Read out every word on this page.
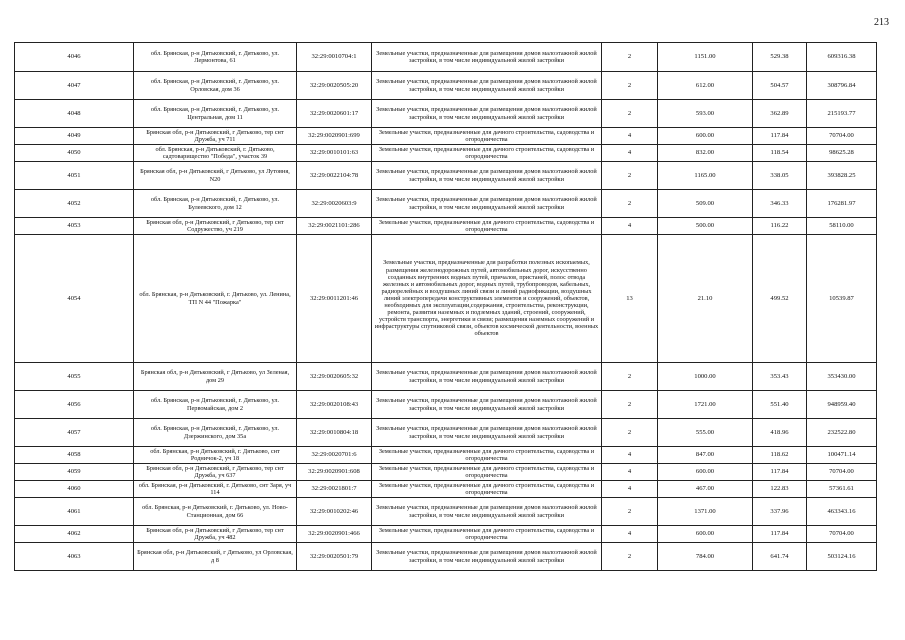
213
4046	обл. Брянская, р-н Дятьковский, г. Дятьково, ул. Лермонтова, 61	32:29:0010704:1	Земельные участки, предназначенные для размещения домов малоэтажной жилой застройки, в том числе индивидуальной жилой застройки	2	1151.00	529.38	609316.38
4047	обл. Брянская, р-н Дятьковский, г. Дятьково, ул. Орловская, дом 36	32:29:0020505:20	Земельные участки, предназначенные для размещения домов малоэтажной жилой застройки, в том числе индивидуальной жилой застройки	2	612.00	504.57	308796.84
4048	обл. Брянская, р-н Дятьковский, г. Дятьково, ул. Центральная, дом 11	32:29:0020601:17	Земельные участки, предназначенные для размещения домов малоэтажной жилой застройки, в том числе индивидуальной жилой застройки	2	593.00	362.89	215193.77
4049	Брянская обл, р-н Дятьковский, г Дятьково, тер снт Дружба, уч 711	32:29:0020901:699	Земельные участки, предназначенные для дачного строительства, садоводства и огородничества	4	600.00	117.84	70704.00
4050	обл. Брянская, р-н Дятьковский, г. Дятьково, садтоварищество "Победа", участок 39	32:29:0010101:63	Земельные участки, предназначенные для дачного строительства, садоводства и огородничества	4	832.00	118.54	98625.28
4051	Брянская обл, р-н Дятьковский, г Дятьково, ул Лутовня, N20	32:29:0022104:78	Земельные участки, предназначенные для размещения домов малоэтажной жилой застройки, в том числе индивидуальной жилой застройки	2	1165.00	338.05	393828.25
4052	обл. Брянская, р-н Дятьковский, г. Дятьково, ул. Булеевского, дом 12	32:29:0020603:9	Земельные участки, предназначенные для размещения домов малоэтажной жилой застройки, в том числе индивидуальной жилой застройки	2	509.00	346.33	176281.97
4053	Брянская обл, р-н Дятьковский, г Дятьково, тер снт Содружество, уч 219	32:29:0021101:286	Земельные участки, предназначенные для дачного строительства, садоводства и огородничества	4	500.00	116.22	58110.00
4054	обл. Брянская, р-н Дятьковский, г. Дятьково, ул. Ленина, ТП N 44 "Пожарка"	32:29:0011201:46	Земельные участки, предназначенные для разработки полезных ископаемых, размещения железнодорожных путей, автомобильных дорог, искусственно созданных внутренних водных путей, причалов, пристаней, полос отвода железных и автомобильных дорог, водных путей, трубопроводов, кабельных, радиорелейных и воздушных линий связи и линий радиофикации, воздушных линий электропередачи конструктивных элементов и сооружений, объектов, необходимых для эксплуатации,содержания, строительства, реконструкции, ремонта, развития наземных и подземных зданий, строений, сооружений, устройств транспорта, энергетики и связи; размещения наземных сооружений и инфраструктуры спутниковой связи, объектов космической деятельности, военных объектов	13	21.10	499.52	10539.87
4055	Брянская обл, р-н Дятьковский, г Дятьково, ул Зеленая, дом 29	32:29:0020605:32	Земельные участки, предназначенные для размещения домов малоэтажной жилой застройки, в том числе индивидуальной жилой застройки	2	1000.00	353.43	353430.00
4056	обл. Брянская, р-н Дятьковский, г. Дятьково, ул. Первомайская, дом 2	32:29:0020108:43	Земельные участки, предназначенные для размещения домов малоэтажной жилой застройки, в том числе индивидуальной жилой застройки	2	1721.00	551.40	948959.40
4057	обл. Брянская, р-н Дятьковский, г. Дятьково, ул. Дзержинского, дом 35а	32:29:0010804:18	Земельные участки, предназначенные для размещения домов малоэтажной жилой застройки, в том числе индивидуальной жилой застройки	2	555.00	418.96	232522.80
4058	обл. Брянская, р-н Дятьковский, г. Дятьково, снт Родничок-2, уч 18	32:29:0020701:6	Земельные участки, предназначенные для дачного строительства, садоводства и огородничества	4	847.00	118.62	100471.14
4059	Брянская обл, р-н Дятьковский, г Дятьково, тер снт Дружба, уч 637	32:29:0020901:608	Земельные участки, предназначенные для дачного строительства, садоводства и огородничества	4	600.00	117.84	70704.00
4060	обл. Брянская, р-н Дятьковский, г. Дятьково, снт Заря, уч 114	32:29:0021801:7	Земельные участки, предназначенные для дачного строительства, садоводства и огородничества	4	467.00	122.83	57361.61
4061	обл. Брянская, р-н Дятьковский, г. Дятьково, ул. Ново-Станционная, дом 66	32:29:0010202:46	Земельные участки, предназначенные для размещения домов малоэтажной жилой застройки, в том числе индивидуальной жилой застройки	2	1371.00	337.96	463343.16
4062	Брянская обл, р-н Дятьковский, г Дятьково, тер снт Дружба, уч 482	32:29:0020901:466	Земельные участки, предназначенные для дачного строительства, садоводства и огородничества	4	600.00	117.84	70704.00
4063	Брянская обл, р-н Дятьковский, г Дятьково, ул Орловская, д 8	32:29:0020501:79	Земельные участки, предназначенные для размещения домов малоэтажной жилой застройки, в том числе индивидуальной жилой застройки	2	784.00	641.74	503124.16
